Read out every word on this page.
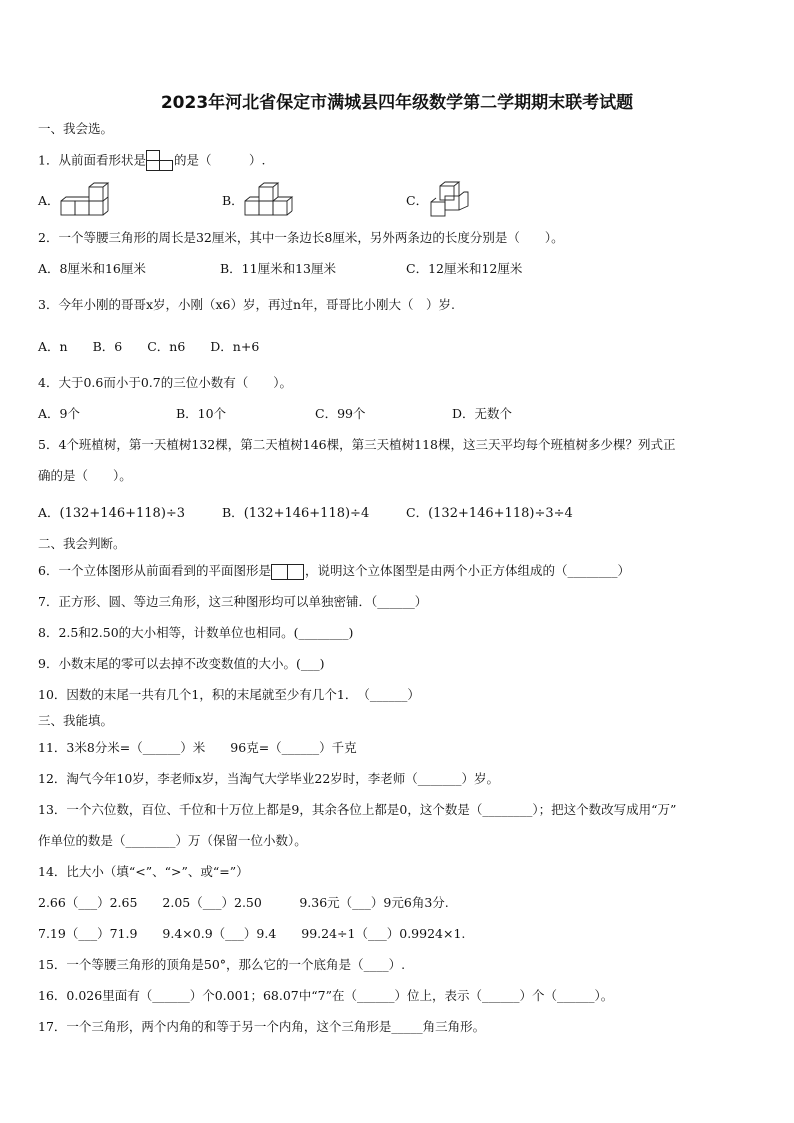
2023年河北省保定市满城县四年级数学第二学期期末联考试题
一、我会选。
1．从前面看形状是 的是（　　　）.
A．	B．	C．
2．一个等腰三角形的周长是32厘米，其中一条边长8厘米，另外两条边的长度分别是（　　）。
A．8厘米和16厘米	B．11厘米和13厘米	C．12厘米和12厘米
3．今年小刚的哥哥x岁，小刚（x6）岁，再过n年，哥哥比小刚大（　）岁.
A．n　　B．6　　C．n6　　D．n+6
4．大于0.6而小于0.7的三位小数有（　　）。
A．9个	B．10个	C．99个	D．无数个
5．4个班植树，第一天植树132棵，第二天植树146棵，第三天植树118棵，这三天平均每个班植树多少棵？列式正
确的是（　　）。
A．(132+146+118)÷3	B．(132+146+118)÷4	C．(132+146+118)÷3÷4
二、我会判断。
6．一个立体图形从前面看到的平面图形是	，说明这个立体图型是由两个小正方体组成的（________）
7．正方形、圆、等边三角形，这三种图形均可以单独密铺．（______）
8．2.5和2.50的大小相等，计数单位也相同。(________)
9．小数末尾的零可以去掉不改变数值的大小。(___)
10．因数的末尾一共有几个1，积的末尾就至少有几个1．　（______）
三、我能填。
11．3米8分米=（______）米　　96克=（______）千克
12．淘气今年10岁，李老师x岁，当淘气大学毕业22岁时，李老师（_______）岁。
13．一个六位数，百位、千位和十万位上都是9，其余各位上都是0，这个数是（________）；把这个数改写成用“万”
作单位的数是（________）万（保留一位小数）。
14．比大小（填“<”、“>”、或“=”）
2.66（___）2.65　　2.05（___）2.50　　　9.36元（___）9元6角3分.
7.19（___）71.9　　9.4×0.9（___）9.4　　99.24÷1（___）0.9924×1.
15．一个等腰三角形的顶角是50°，那么它的一个底角是（____）.
16．0.026里面有（______）个0.001；68.07中“7”在（______）位上，表示（______）个（______）。
17．一个三角形，两个内角的和等于另一个内角，这个三角形是_____角三角形。
